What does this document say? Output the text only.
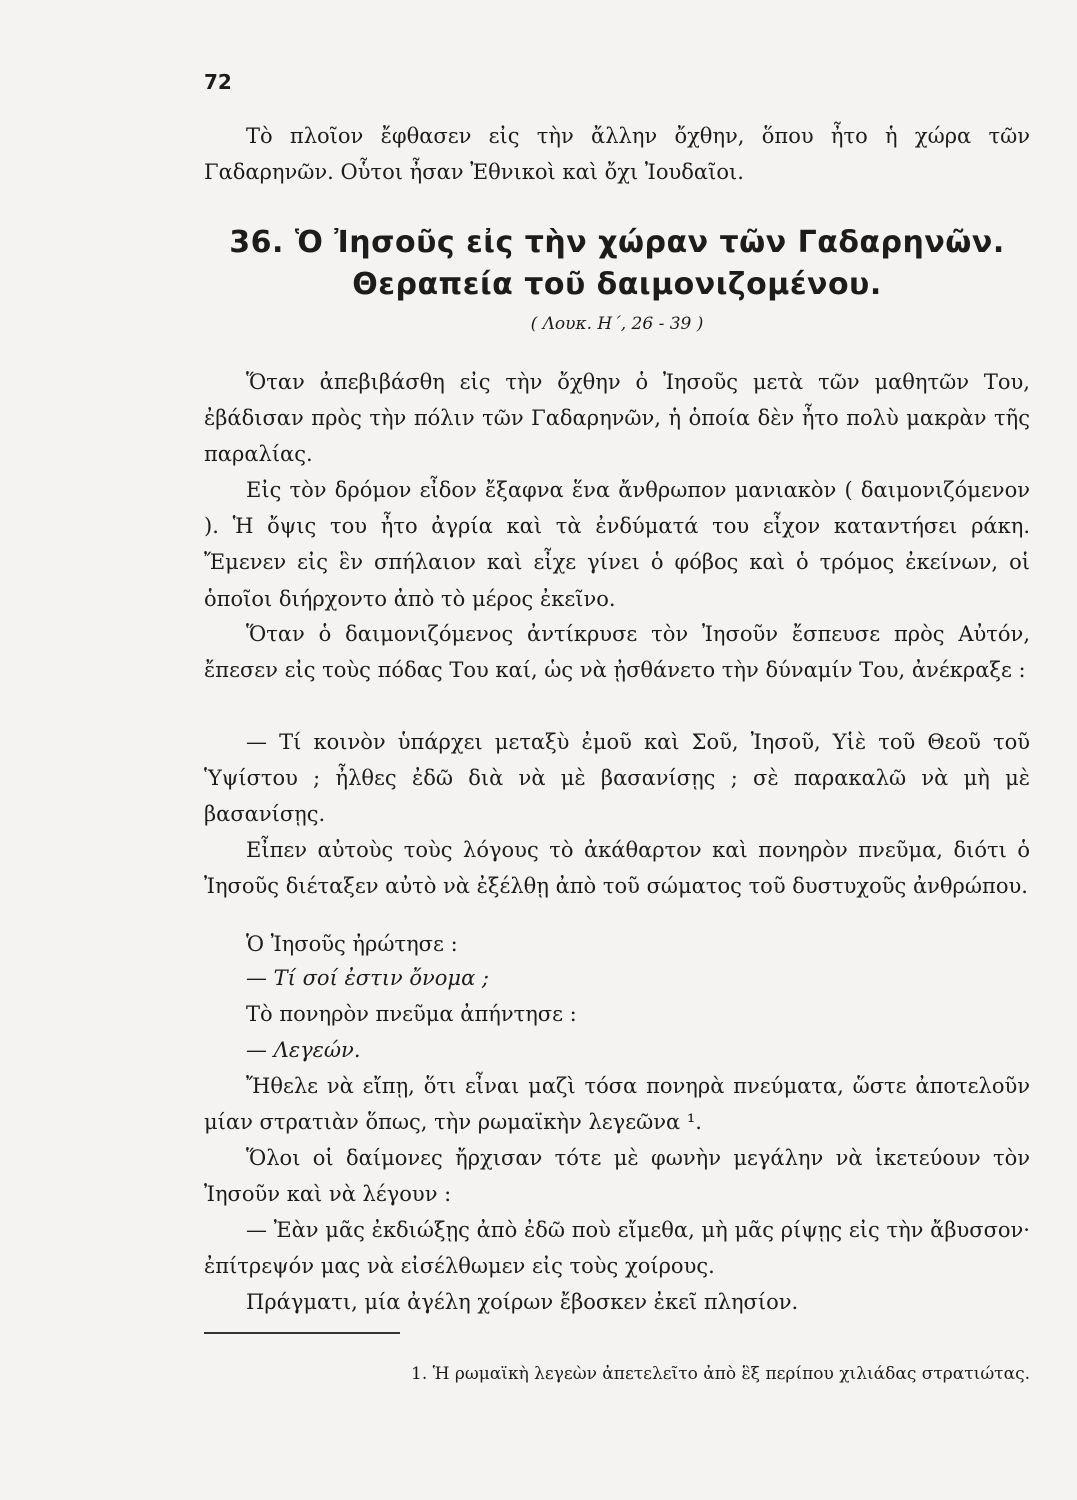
72
Τὸ πλοῖον ἔφθασεν εἰς τὴν ἄλλην ὄχθην, ὅπου ἦτο ἡ χώρα τῶν Γαδαρηνῶν. Οὗτοι ἦσαν Ἐθνικοὶ καὶ ὄχι Ἰουδαῖοι.
36. Ὁ Ἰησοῦς εἰς τὴν χώραν τῶν Γαδαρηνῶν.
Θεραπεία τοῦ δαιμονιζομένου.
( Λουκ. Η΄, 26 - 39 )
Ὅταν ἀπεβιβάσθη εἰς τὴν ὄχθην ὁ Ἰησοῦς μετὰ τῶν μαθητῶν Του, ἐβάδισαν πρὸς τὴν πόλιν τῶν Γαδαρηνῶν, ἡ ὁποία δὲν ἦτο πολὺ μακρὰν τῆς παραλίας.
Εἰς τὸν δρόμον εἶδον ἔξαφνα ἕνα ἄνθρωπον μανιακὸν ( δαιμονιζόμενον ). Ἡ ὄψις του ἦτο ἀγρία καὶ τὰ ἐνδύματά του εἶχον καταντήσει ράκη. Ἔμενεν εἰς ἓν σπήλαιον καὶ εἶχε γίνει ὁ φόβος καὶ ὁ τρόμος ἐκείνων, οἱ ὁποῖοι διήρχοντο ἀπὸ τὸ μέρος ἐκεῖνο.
Ὅταν ὁ δαιμονιζόμενος ἀντίκρυσε τὸν Ἰησοῦν ἔσπευσε πρὸς Αὐτόν, ἔπεσεν εἰς τοὺς πόδας Του καί, ὡς νὰ ᾐσθάνετο τὴν δύναμίν Του, ἀνέκραξε :
— Τί κοινὸν ὑπάρχει μεταξὺ ἐμοῦ καὶ Σοῦ, Ἰησοῦ, Υἱὲ τοῦ Θεοῦ τοῦ Ὑψίστου ; ἦλθες ἐδῶ διὰ νὰ μὲ βασανίσῃς ; σὲ παρακαλῶ νὰ μὴ μὲ βασανίσῃς.
Εἶπεν αὐτοὺς τοὺς λόγους τὸ ἀκάθαρτον καὶ πονηρὸν πνεῦμα, διότι ὁ Ἰησοῦς διέταξεν αὐτὸ νὰ ἐξέλθῃ ἀπὸ τοῦ σώματος τοῦ δυστυχοῦς ἀνθρώπου.
Ὁ Ἰησοῦς ἠρώτησε :
— Τί σοί ἐστιν ὄνομα ;
Τὸ πονηρὸν πνεῦμα ἀπήντησε :
— Λεγεών.
Ἤθελε νὰ εἴπῃ, ὅτι εἶναι μαζὶ τόσα πονηρὰ πνεύματα, ὥστε ἀποτελοῦν μίαν στρατιὰν ὅπως, τὴν ρωμαϊκὴν λεγεῶνα ¹.
Ὅλοι οἱ δαίμονες ἤρχισαν τότε μὲ φωνὴν μεγάλην νὰ ἱκετεύουν τὸν Ἰησοῦν καὶ νὰ λέγουν :
— Ἐὰν μᾶς ἐκδιώξῃς ἀπὸ ἐδῶ ποὺ εἴμεθα, μὴ μᾶς ρίψῃς εἰς τὴν ἄβυσσον· ἐπίτρεψόν μας νὰ εἰσέλθωμεν εἰς τοὺς χοίρους.
Πράγματι, μία ἀγέλη χοίρων ἔβοσκεν ἐκεῖ πλησίον.
1. Ἡ ρωμαϊκὴ λεγεὼν ἀπετελεῖτο ἀπὸ ἓξ περίπου χιλιάδας στρατιώτας.
